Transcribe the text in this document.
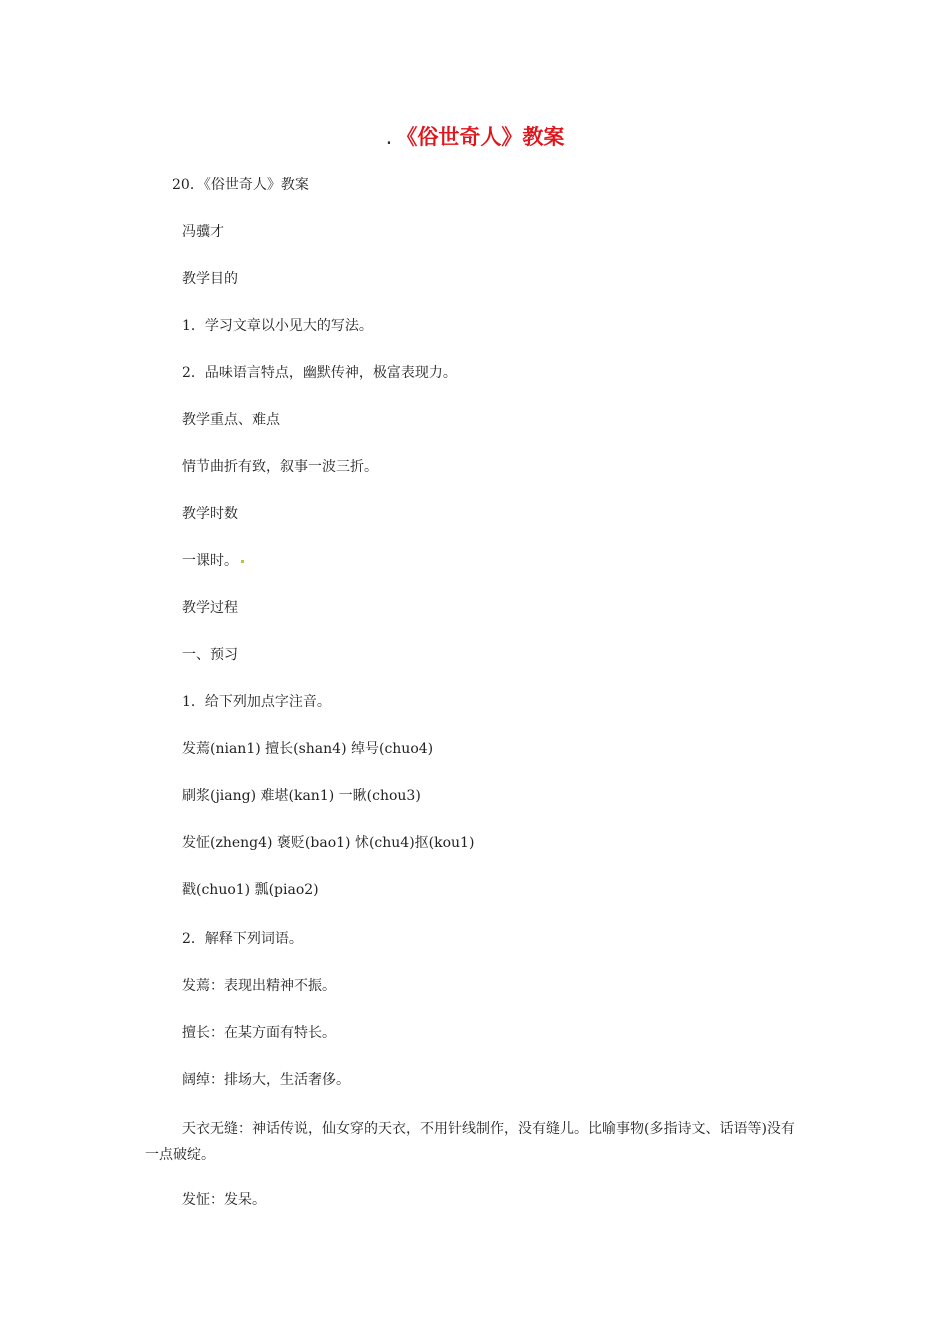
. 《俗世奇人》教案
20．《俗世奇人》教案
冯骥才
教学目的
1．学习文章以小见大的写法。
2．品味语言特点，幽默传神，极富表现力。
教学重点、难点
情节曲折有致，叙事一波三折。
教学时数
一课时。
教学过程
一、预习
1．给下列加点字注音。
发蔫(nian1) 擅长(shan4) 绰号(chuo4)
刷浆(jiang) 难堪(kan1) 一瞅(chou3)
发怔(zheng4) 褒贬(bao1) 怵(chu4)抠(kou1)
戳(chuo1) 瓢(piao2)
2．解释下列词语。
发蔫：表现出精神不振。
擅长：在某方面有特长。
阔绰：排场大，生活奢侈。
天衣无缝：神话传说，仙女穿的天衣，不用针线制作，没有缝儿。比喻事物(多指诗文、话语等)没有一点破绽。
发怔：发呆。
